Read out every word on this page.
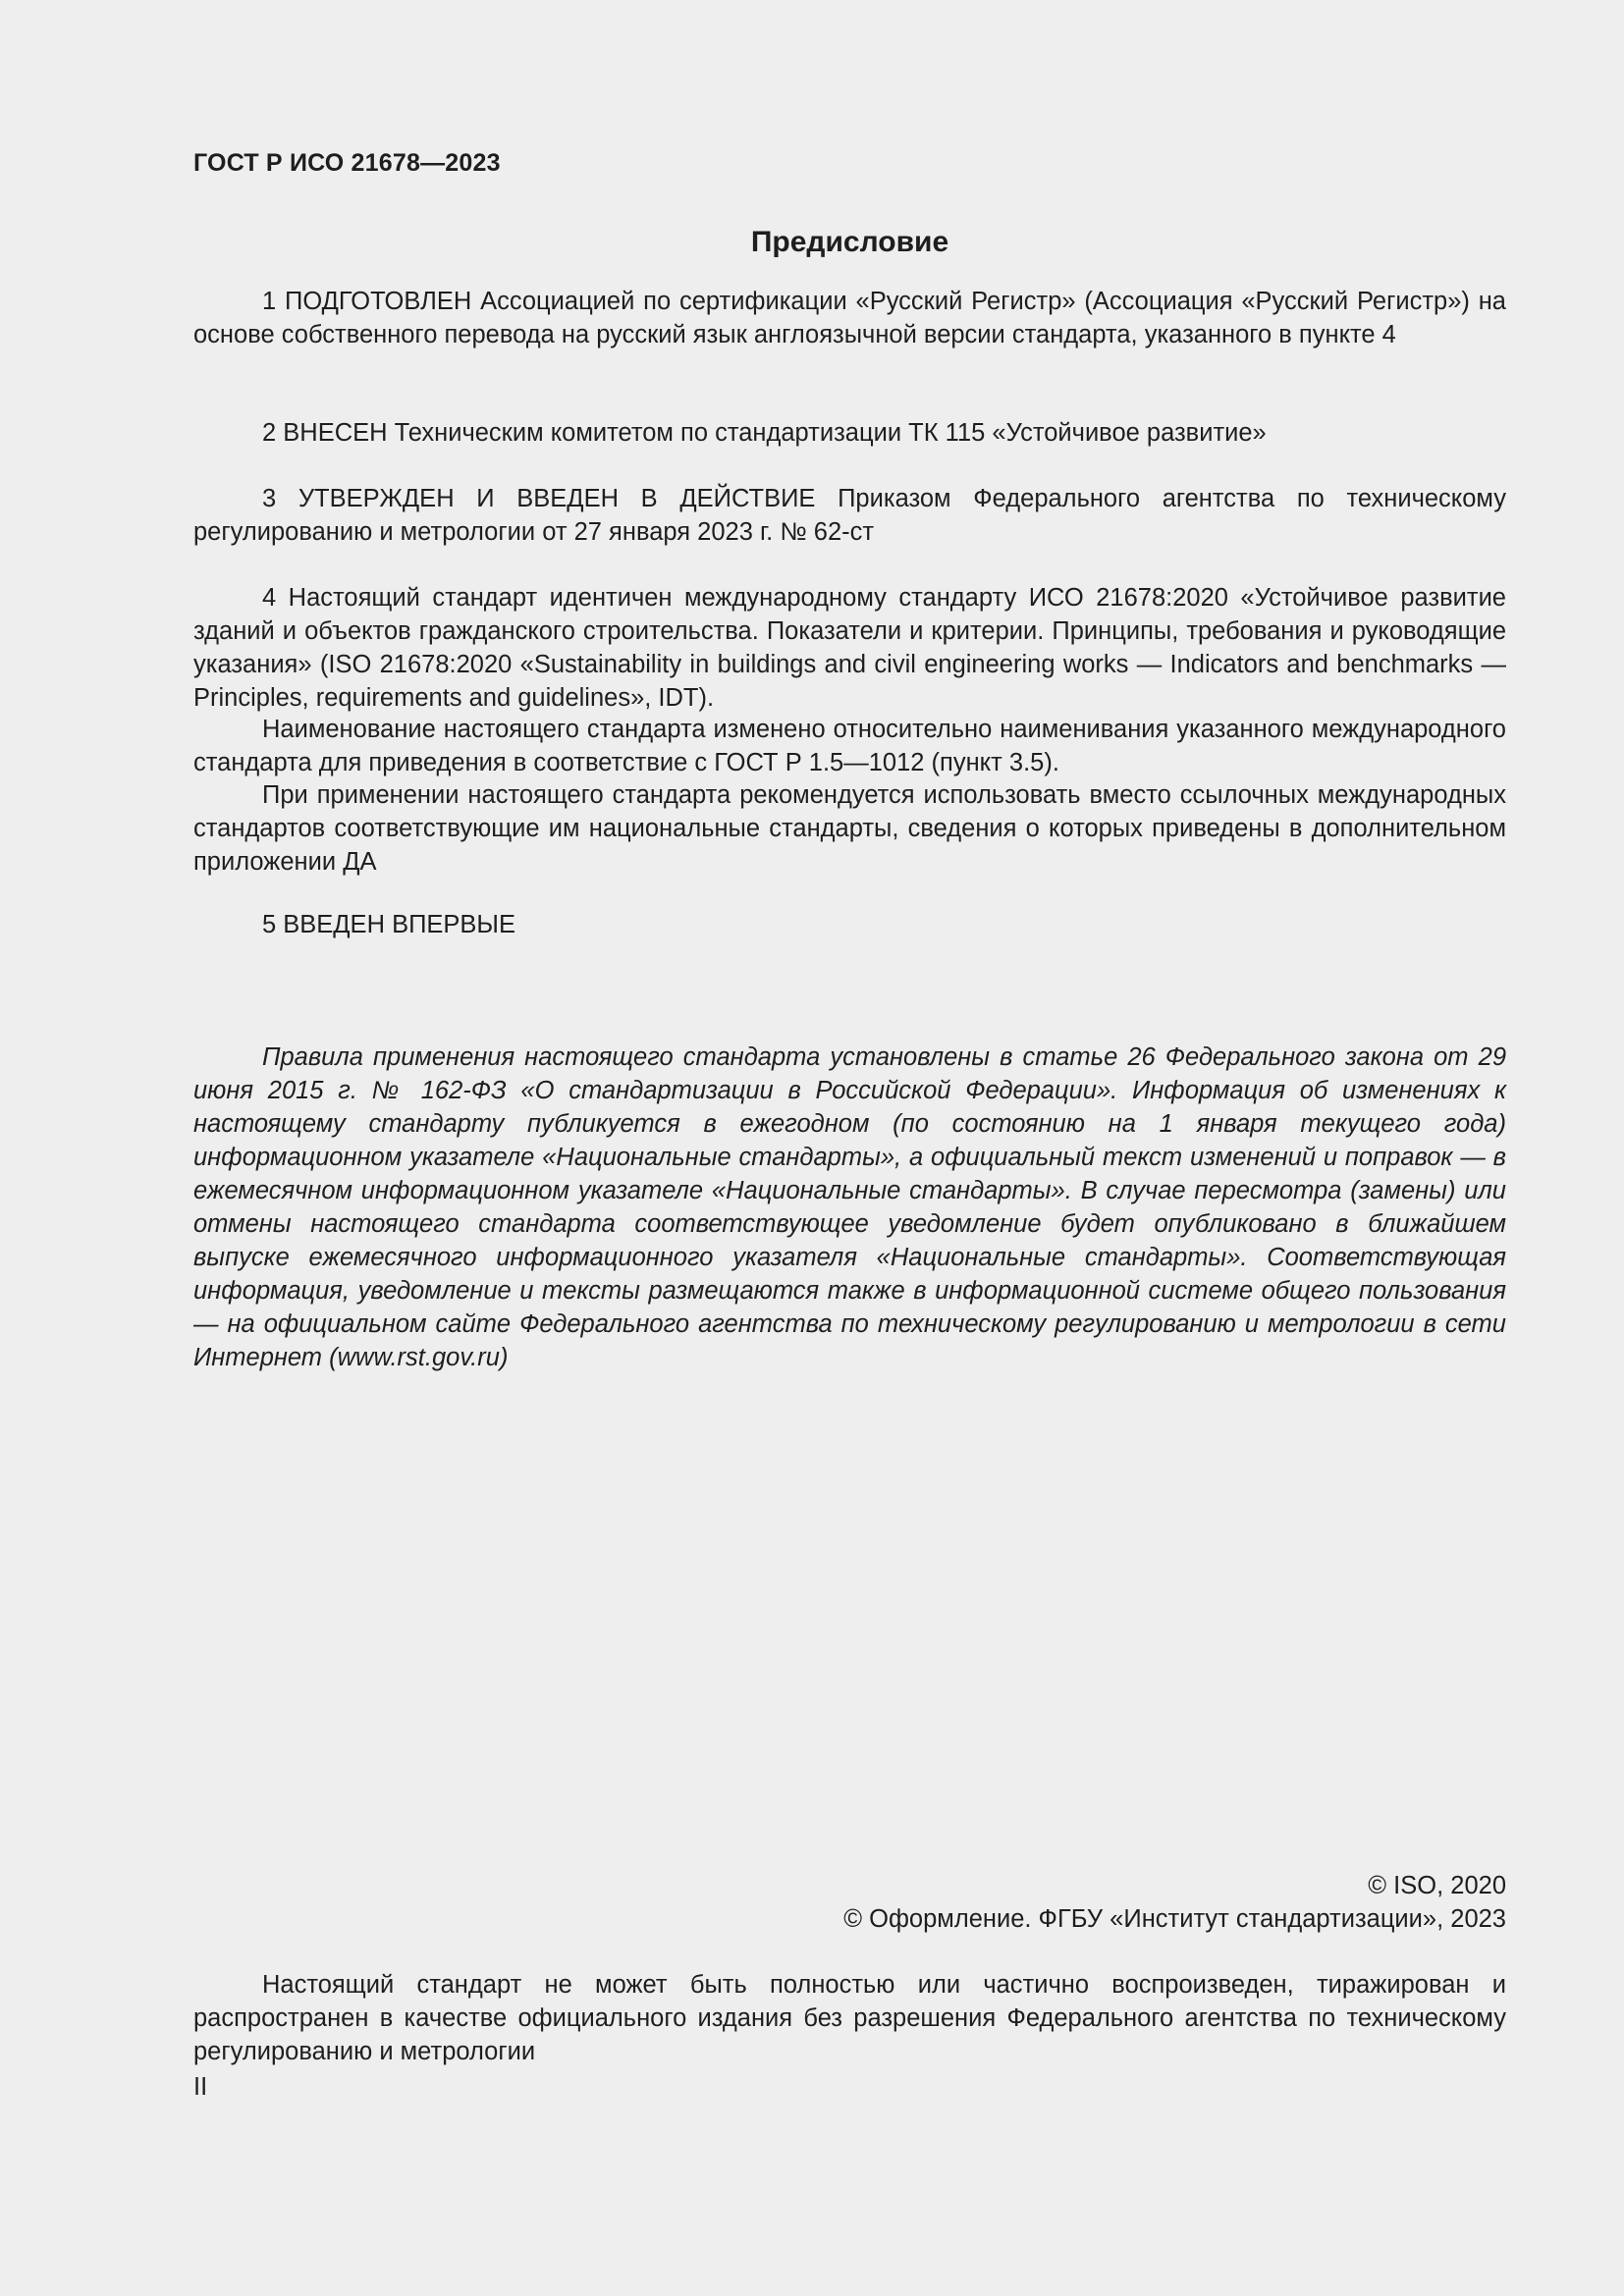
ГОСТ Р ИСО 21678—2023
Предисловие

1 ПОДГОТОВЛЕН Ассоциацией по сертификации «Русский Регистр» (Ассоциация «Русский Регистр») на основе собственного перевода на русский язык англоязычной версии стандарта, указанного в пункте 4

2 ВНЕСЕН Техническим комитетом по стандартизации ТК 115 «Устойчивое развитие»

3 УТВЕРЖДЕН И ВВЕДЕН В ДЕЙСТВИЕ Приказом Федерального агентства по техническому регулированию и метрологии от 27 января 2023 г. № 62-ст

4 Настоящий стандарт идентичен международному стандарту ИСО 21678:2020 «Устойчивое развитие зданий и объектов гражданского строительства. Показатели и критерии. Принципы, требования и руководящие указания» (ISO 21678:2020 «Sustainability in buildings and civil engineering works — Indicators and benchmarks — Principles, requirements and guidelines», IDT).

Наименование настоящего стандарта изменено относительно наименивания указанного международного стандарта для приведения в соответствие с ГОСТ Р 1.5—1012 (пункт 3.5).

При применении настоящего стандарта рекомендуется использовать вместо ссылочных международных стандартов соответствующие им национальные стандарты, сведения о которых приведены в дополнительном приложении ДА

5 ВВЕДЕН ВПЕРВЫЕ

Правила применения настоящего стандарта установлены в статье 26 Федерального закона от 29 июня 2015 г. № 162-ФЗ «О стандартизации в Российской Федерации». Информация об изменениях к настоящему стандарту публикуется в ежегодном (по состоянию на 1 января текущего года) информационном указателе «Национальные стандарты», а официальный текст изменений и поправок — в ежемесячном информационном указателе «Национальные стандарты». В случае пересмотра (замены) или отмены настоящего стандарта соответствующее уведомление будет опубликовано в ближайшем выпуске ежемесячного информационного указателя «Национальные стандарты». Соответствующая информация, уведомление и тексты размещаются также в информационной системе общего пользования — на официальном сайте Федерального агентства по техническому регулированию и метрологии в сети Интернет (www.rst.gov.ru)

© ISO, 2020
© Оформление. ФГБУ «Институт стандартизации», 2023

Настоящий стандарт не может быть полностью или частично воспроизведен, тиражирован и распространен в качестве официального издания без разрешения Федерального агентства по техническому регулированию и метрологии

II
